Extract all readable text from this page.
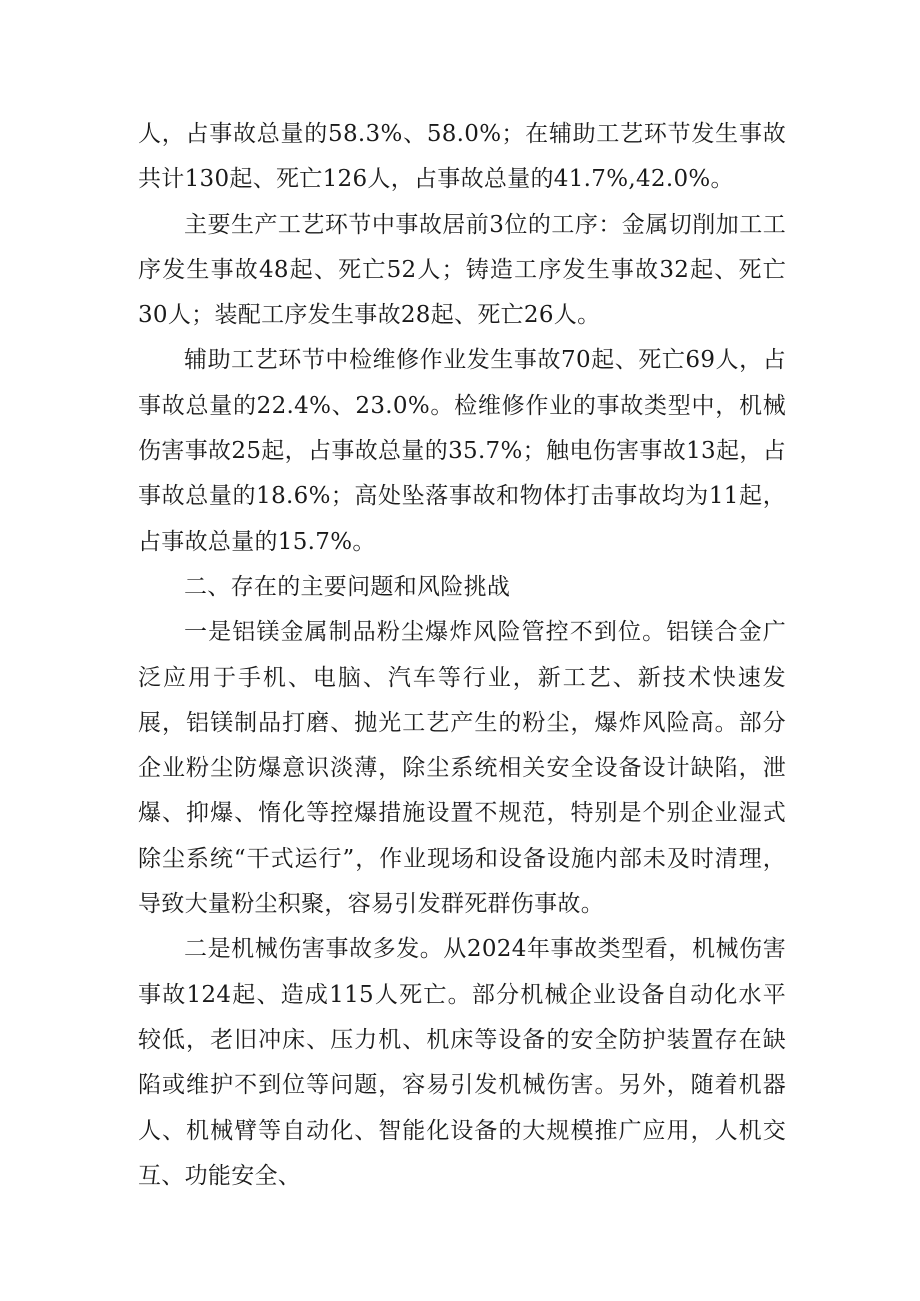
人，占事故总量的58.3%、58.0%；在辅助工艺环节发生事故共计130起、死亡126人，占事故总量的41.7%,42.0%。

主要生产工艺环节中事故居前3位的工序：金属切削加工工序发生事故48起、死亡52人；铸造工序发生事故32起、死亡30人；装配工序发生事故28起、死亡26人。

辅助工艺环节中检维修作业发生事故70起、死亡69人，占事故总量的22.4%、23.0%。检维修作业的事故类型中，机械伤害事故25起，占事故总量的35.7%；触电伤害事故13起，占事故总量的18.6%；高处坠落事故和物体打击事故均为11起，占事故总量的15.7%。

二、存在的主要问题和风险挑战

一是铝镁金属制品粉尘爆炸风险管控不到位。铝镁合金广泛应用于手机、电脑、汽车等行业，新工艺、新技术快速发展，铝镁制品打磨、抛光工艺产生的粉尘，爆炸风险高。部分企业粉尘防爆意识淡薄，除尘系统相关安全设备设计缺陷，泄爆、抑爆、惰化等控爆措施设置不规范，特别是个别企业湿式除尘系统“干式运行”，作业现场和设备设施内部未及时清理，导致大量粉尘积聚，容易引发群死群伤事故。

二是机械伤害事故多发。从2024年事故类型看，机械伤害事故124起、造成115人死亡。部分机械企业设备自动化水平较低，老旧冲床、压力机、机床等设备的安全防护装置存在缺陷或维护不到位等问题，容易引发机械伤害。另外，随着机器人、机械臂等自动化、智能化设备的大规模推广应用，人机交互、功能安全、
